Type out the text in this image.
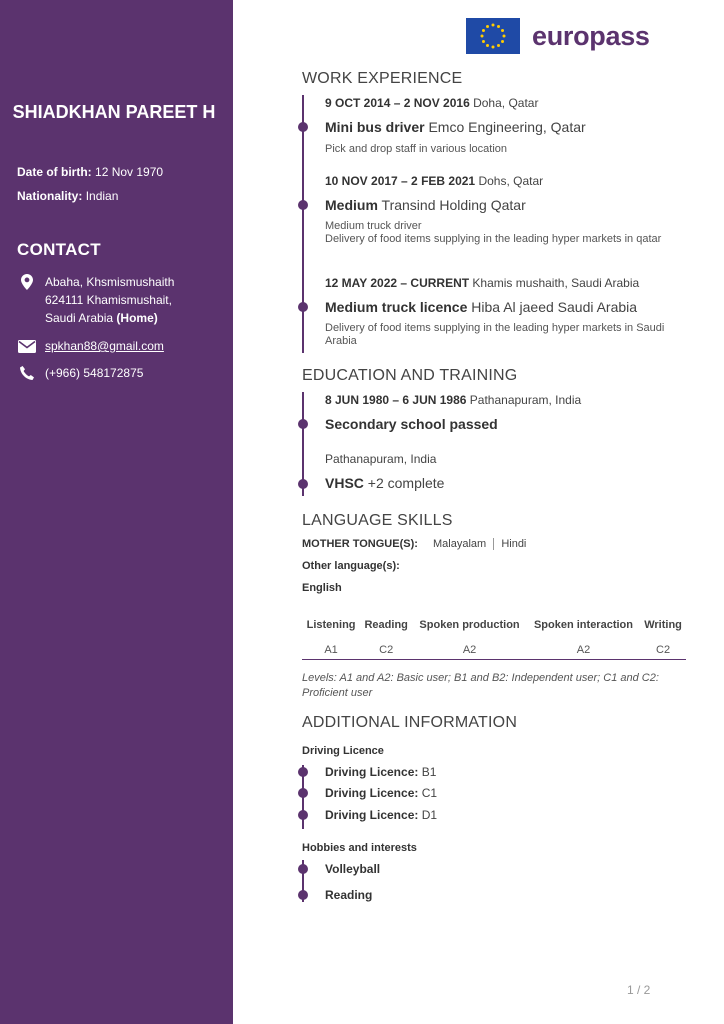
SHIADKHAN PAREET H
Date of birth: 12 Nov 1970
Nationality: Indian
CONTACT
Abaha, Khsmismushaith
624111 Khamismushait,
Saudi Arabia (Home)
spkhan88@gmail.com
(+966) 548172875
europass
WORK EXPERIENCE
9 OCT 2014 – 2 NOV 2016 Doha, Qatar
Mini bus driver Emco Engineering, Qatar
Pick and drop staff in various location
10 NOV 2017 – 2 FEB 2021 Dohs, Qatar
Medium Transind Holding Qatar
Medium truck driver
Delivery of food items supplying in the leading hyper markets in qatar
12 MAY 2022 – CURRENT Khamis mushaith, Saudi Arabia
Medium truck licence Hiba Al jaeed Saudi Arabia
Delivery of food items supplying in the leading hyper markets in Saudi Arabia
EDUCATION AND TRAINING
8 JUN 1980 – 6 JUN 1986 Pathanapuram, India
Secondary school passed
Pathanapuram, India
VHSC +2 complete
LANGUAGE SKILLS
MOTHER TONGUE(S): Malayalam Hindi
Other language(s):
English
Listening	Reading	Spoken production	Spoken interaction	Writing
A1	C2	A2	A2	C2
Levels: A1 and A2: Basic user; B1 and B2: Independent user; C1 and C2: Proficient user
ADDITIONAL INFORMATION
Driving Licence
Driving Licence: B1
Driving Licence: C1
Driving Licence: D1
Hobbies and interests
Volleyball
Reading
1 / 2
